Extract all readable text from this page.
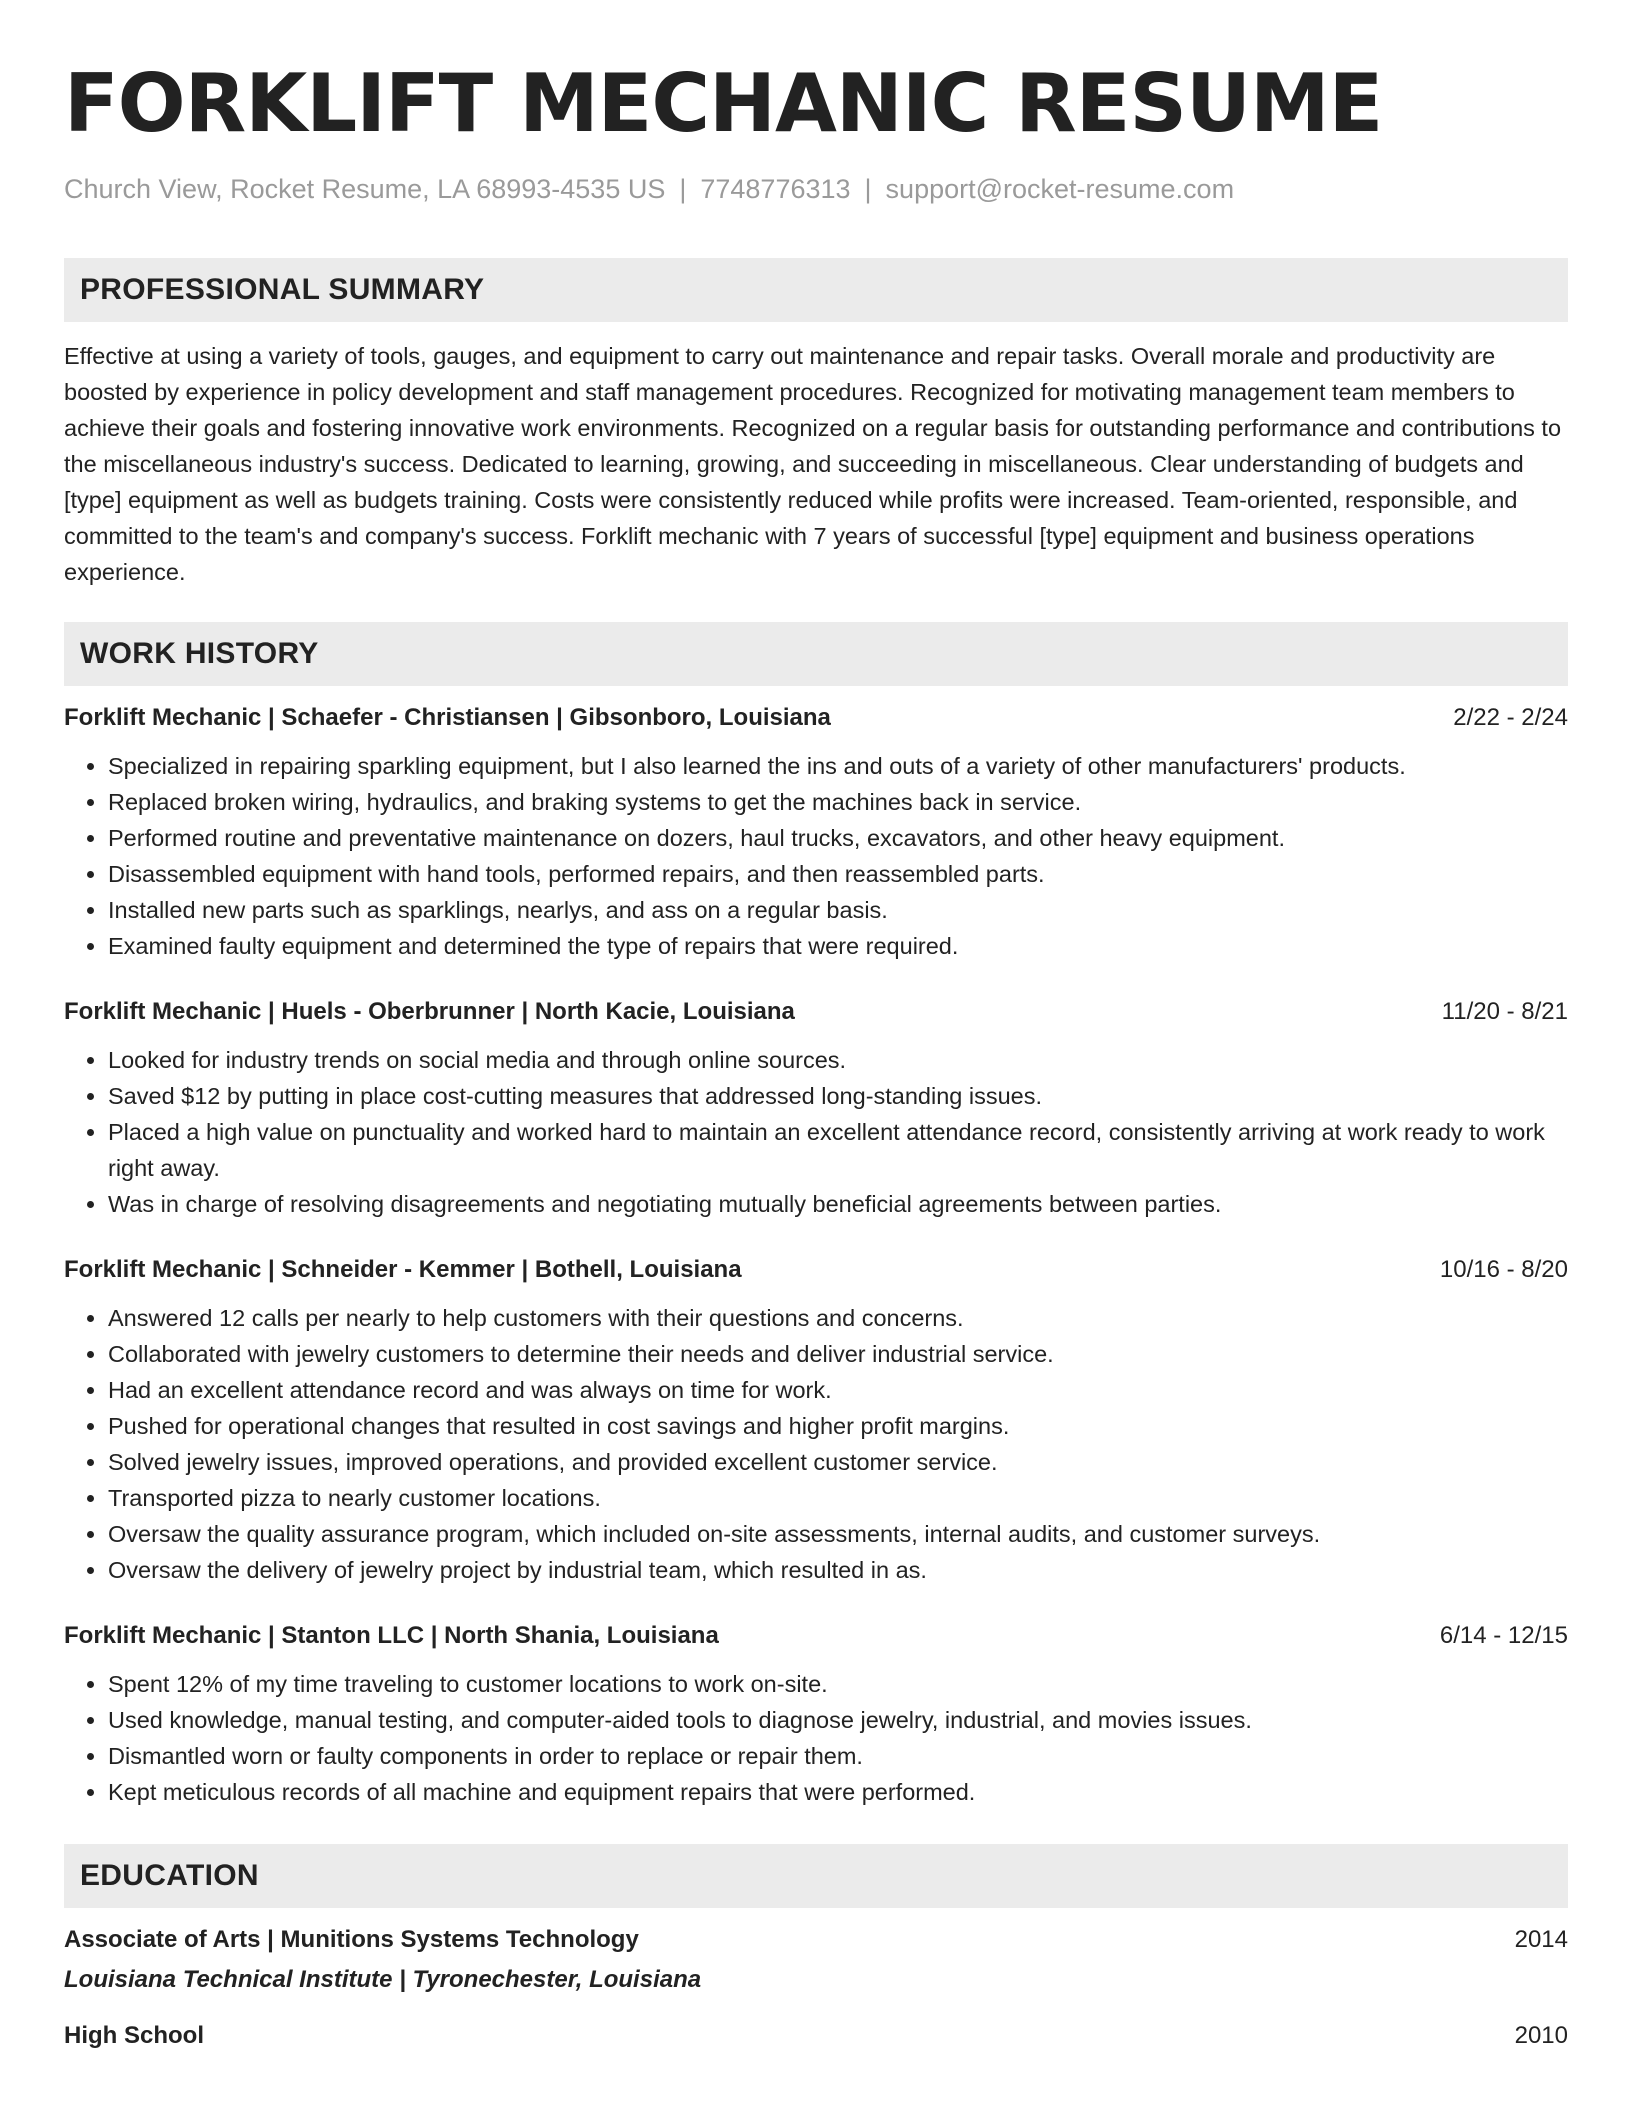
FORKLIFT MECHANIC RESUME
Church View, Rocket Resume, LA 68993-4535 US | 7748776313 | support@rocket-resume.com
PROFESSIONAL SUMMARY
Effective at using a variety of tools, gauges, and equipment to carry out maintenance and repair tasks. Overall morale and productivity are boosted by experience in policy development and staff management procedures. Recognized for motivating management team members to achieve their goals and fostering innovative work environments. Recognized on a regular basis for outstanding performance and contributions to the miscellaneous industry's success. Dedicated to learning, growing, and succeeding in miscellaneous. Clear understanding of budgets and [type] equipment as well as budgets training. Costs were consistently reduced while profits were increased. Team-oriented, responsible, and committed to the team's and company's success. Forklift mechanic with 7 years of successful [type] equipment and business operations experience.
WORK HISTORY
Forklift Mechanic | Schaefer - Christiansen | Gibsonboro, Louisiana	2/22 - 2/24
• Specialized in repairing sparkling equipment, but I also learned the ins and outs of a variety of other manufacturers' products.
• Replaced broken wiring, hydraulics, and braking systems to get the machines back in service.
• Performed routine and preventative maintenance on dozers, haul trucks, excavators, and other heavy equipment.
• Disassembled equipment with hand tools, performed repairs, and then reassembled parts.
• Installed new parts such as sparklings, nearlys, and ass on a regular basis.
• Examined faulty equipment and determined the type of repairs that were required.
Forklift Mechanic | Huels - Oberbrunner | North Kacie, Louisiana	11/20 - 8/21
• Looked for industry trends on social media and through online sources.
• Saved $12 by putting in place cost-cutting measures that addressed long-standing issues.
• Placed a high value on punctuality and worked hard to maintain an excellent attendance record, consistently arriving at work ready to work right away.
• Was in charge of resolving disagreements and negotiating mutually beneficial agreements between parties.
Forklift Mechanic | Schneider - Kemmer | Bothell, Louisiana	10/16 - 8/20
• Answered 12 calls per nearly to help customers with their questions and concerns.
• Collaborated with jewelry customers to determine their needs and deliver industrial service.
• Had an excellent attendance record and was always on time for work.
• Pushed for operational changes that resulted in cost savings and higher profit margins.
• Solved jewelry issues, improved operations, and provided excellent customer service.
• Transported pizza to nearly customer locations.
• Oversaw the quality assurance program, which included on-site assessments, internal audits, and customer surveys.
• Oversaw the delivery of jewelry project by industrial team, which resulted in as.
Forklift Mechanic | Stanton LLC | North Shania, Louisiana	6/14 - 12/15
• Spent 12% of my time traveling to customer locations to work on-site.
• Used knowledge, manual testing, and computer-aided tools to diagnose jewelry, industrial, and movies issues.
• Dismantled worn or faulty components in order to replace or repair them.
• Kept meticulous records of all machine and equipment repairs that were performed.
EDUCATION
Associate of Arts | Munitions Systems Technology	2014
Louisiana Technical Institute | Tyronechester, Louisiana
High School	2010
